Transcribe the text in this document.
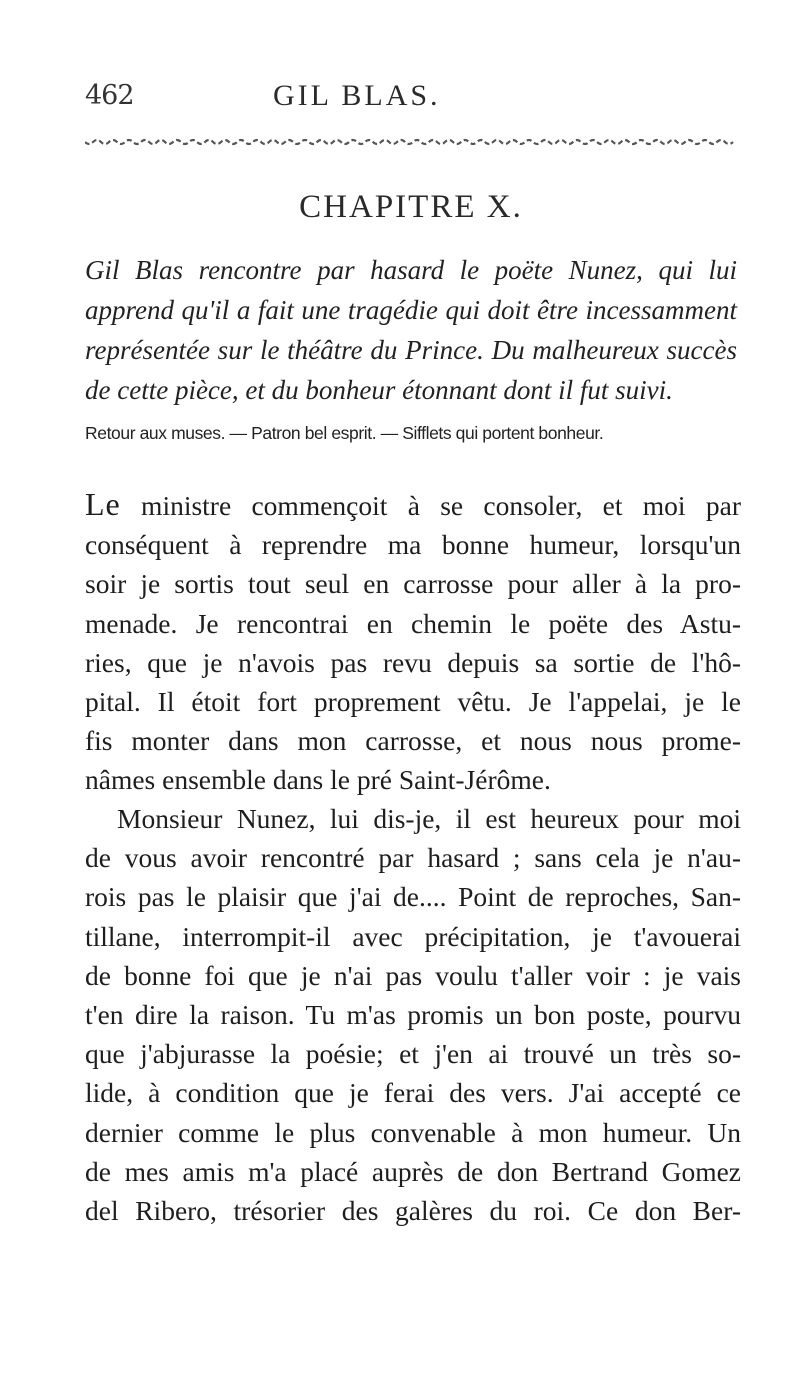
462	GIL BLAS.
CHAPITRE X.
Gil Blas rencontre par hasard le poëte Nunez, qui lui apprend qu'il a fait une tragédie qui doit être incessamment représentée sur le théâtre du Prince. Du malheureux succès de cette pièce, et du bonheur étonnant dont il fut suivi.
Retour aux muses. — Patron bel esprit. — Sifflets qui portent bonheur.
Le ministre commençoit à se consoler, et moi par
conséquent à reprendre ma bonne humeur, lorsqu'un
soir je sortis tout seul en carrosse pour aller à la pro-
menade. Je rencontrai en chemin le poëte des Astu-
ries, que je n'avois pas revu depuis sa sortie de l'hô-
pital. Il étoit fort proprement vêtu. Je l'appelai, je le
fis monter dans mon carrosse, et nous nous prome-
nâmes ensemble dans le pré Saint-Jérôme.
Monsieur Nunez, lui dis-je, il est heureux pour moi
de vous avoir rencontré par hasard ; sans cela je n'au-
rois pas le plaisir que j'ai de.... Point de reproches, San-
tillane, interrompit-il avec précipitation, je t'avouerai
de bonne foi que je n'ai pas voulu t'aller voir : je vais
t'en dire la raison. Tu m'as promis un bon poste, pourvu
que j'abjurasse la poésie; et j'en ai trouvé un très so-
lide, à condition que je ferai des vers. J'ai accepté ce
dernier comme le plus convenable à mon humeur. Un
de mes amis m'a placé auprès de don Bertrand Gomez
del Ribero, trésorier des galères du roi. Ce don Ber-
